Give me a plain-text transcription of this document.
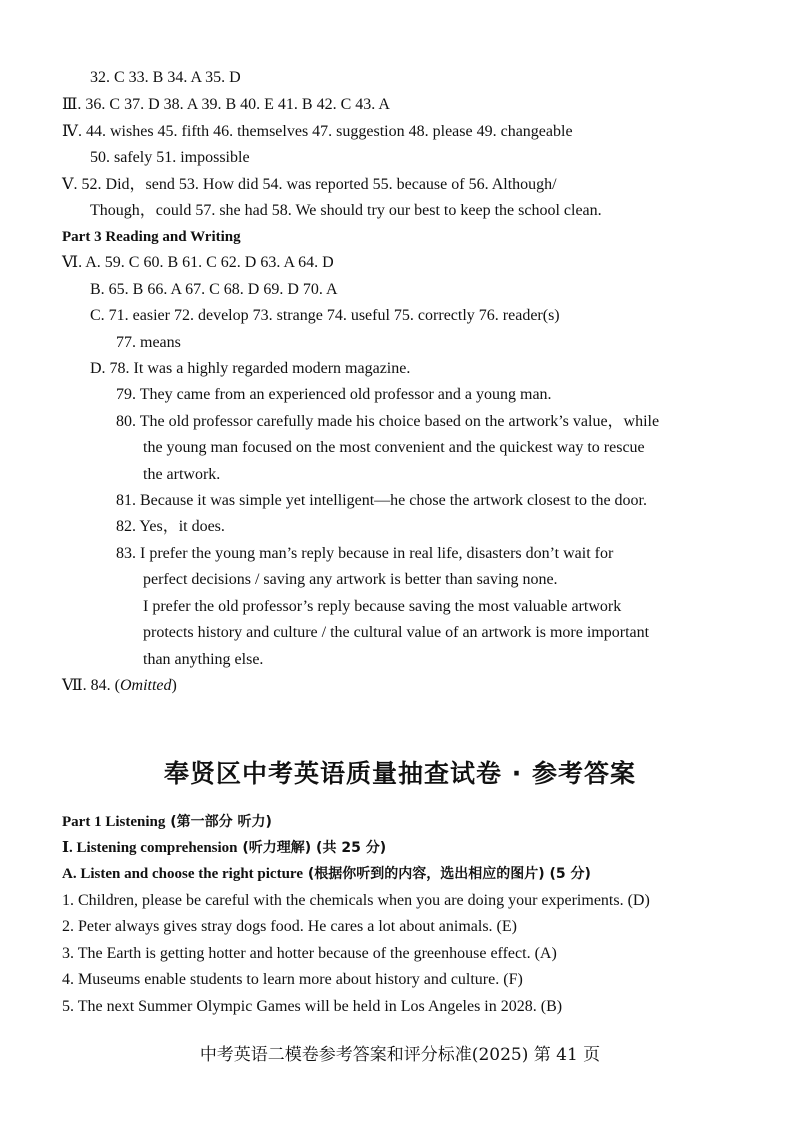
32. C 33. B 34. A 35. D
Ⅲ. 36. C 37. D 38. A 39. B 40. E 41. B 42. C 43. A
Ⅳ. 44. wishes 45. fifth 46. themselves 47. suggestion 48. please 49. changeable
50. safely 51. impossible
Ⅴ. 52. Did，send 53. How did 54. was reported 55. because of 56. Although/
Though，could 57. she had 58. We should try our best to keep the school clean.
Part 3 Reading and Writing
Ⅵ. A. 59. C 60. B 61. C 62. D 63. A 64. D
B. 65. B 66. A 67. C 68. D 69. D 70. A
C. 71. easier 72. develop 73. strange 74. useful 75. correctly 76. reader(s)
77. means
D. 78. It was a highly regarded modern magazine.
79. They came from an experienced old professor and a young man.
80. The old professor carefully made his choice based on the artwork’s value，while
the young man focused on the most convenient and the quickest way to rescue
the artwork.
81. Because it was simple yet intelligent—he chose the artwork closest to the door.
82. Yes，it does.
83. I prefer the young man’s reply because in real life, disasters don’t wait for
perfect decisions / saving any artwork is better than saving none.
I prefer the old professor’s reply because saving the most valuable artwork
protects history and culture / the cultural value of an artwork is more important
than anything else.
Ⅶ. 84. (Omitted)
奉贤区中考英语质量抽查试卷 · 参考答案
Part 1 Listening (第一部分 听力)
Ⅰ. Listening comprehension (听力理解) (共 25 分)
A. Listen and choose the right picture (根据你听到的内容，选出相应的图片) (5 分)
1. Children, please be careful with the chemicals when you are doing your experiments. (D)
2. Peter always gives stray dogs food. He cares a lot about animals. (E)
3. The Earth is getting hotter and hotter because of the greenhouse effect. (A)
4. Museums enable students to learn more about history and culture. (F)
5. The next Summer Olympic Games will be held in Los Angeles in 2028. (B)
中考英语二模卷参考答案和评分标准(2025) 第 41 页
